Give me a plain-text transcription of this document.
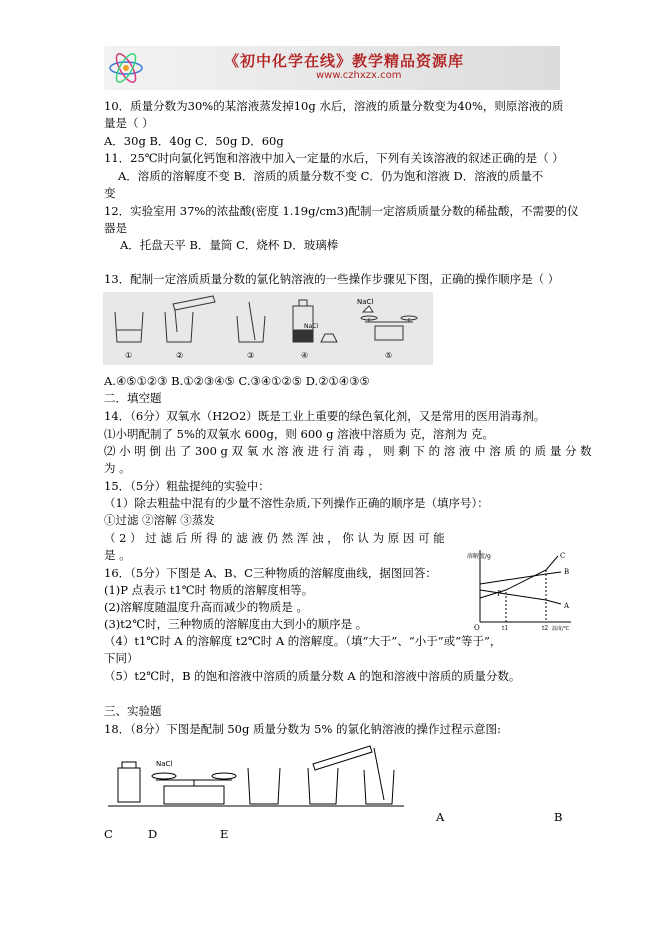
《初中化学在线》教学精品资源库
www.czhxzx.com
10．质量分数为30%的某溶液蒸发掉10g 水后，溶液的质量分数变为40%，则原溶液的质
量是（ ）
A．30g B．40g C．50g D．60g
11．25℃时向氯化钙饱和溶液中加入一定量的水后，下列有关该溶液的叙述正确的是（ ）
A．溶质的溶解度不变 B．溶质的质量分数不变 C．仍为饱和溶液 D．溶液的质量不
变
12．实验室用 37%的浓盐酸(密度 1.19g/cm3)配制一定溶质质量分数的稀盐酸，不需要的仪
器是
A．托盘天平 B．量筒 C．烧杯 D．玻璃棒
13．配制一定溶质质量分数的氯化钠溶液的一些操作步骤见下图，正确的操作顺序是（ ）
NaCl
NaCl
①	②	③	④	⑤
A.④⑤①②③ B.①②③④⑤ C.③④①②⑤ D.②①④③⑤
二．填空题
14．（6分）双氧水（H2O2）既是工业上重要的绿色氧化剂，又是常用的医用消毒剂。
⑴小明配制了 5%的双氧水 600g，则 600 g 溶液中溶质为 克，溶剂为 克。
⑵ 小 明 倒 出 了 300 g 双 氧 水 溶 液 进 行 消 毒 ， 则 剩 下 的 溶 液 中 溶 质 的 质 量 分 数
为 。
15．（5分）粗盐提纯的实验中：
（1）除去粗盐中混有的少量不溶性杂质,下列操作正确的顺序是（填序号）：
①过滤 ②溶解 ③蒸发
（ 2 ） 过 滤 后 所 得 的 滤 液 仍 然 浑 浊 ， 你 认 为 原 因 可 能
是 。
16．（5分）下图是 A、B、C三种物质的溶解度曲线，据图回答：
(1)P 点表示 t1℃时 物质的溶解度相等。
(2)溶解度随温度升高而减少的物质是 。
(3)t2℃时，三种物质的溶解度由大到小的顺序是 。
（4）t1℃时 A 的溶解度 t2℃时 A 的溶解度。（填“大于”、“小于”或“等于”，
下同）
（5）t2℃时，B 的饱和溶液中溶质的质量分数 A 的饱和溶液中溶质的质量分数。
溶解度/g	C
B
A
P
O	t1	t2 温度/℃
三、实验题
18．（8分）下图是配制 50g 质量分数为 5% 的氯化钠溶液的操作过程示意图:
NaCl
A	B
C	D	E
